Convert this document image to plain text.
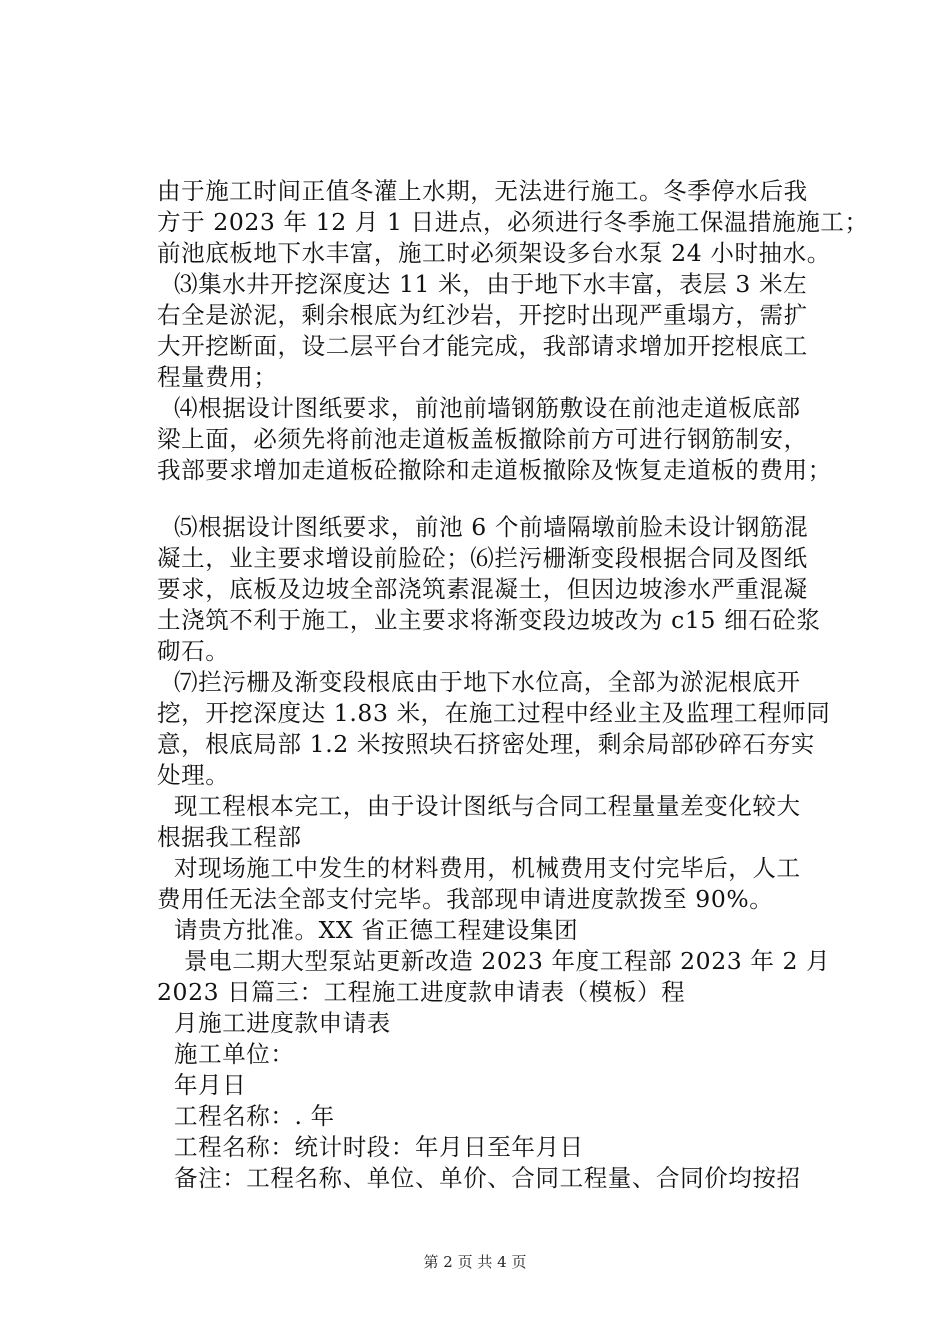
由于施工时间正值冬灌上水期，无法进行施工。冬季停水后我
方于 2023 年 12 月 1 日进点，必须进行冬季施工保温措施施工；
前池底板地下水丰富，施工时必须架设多台水泵 24 小时抽水。
⑶集水井开挖深度达 11 米，由于地下水丰富，表层 3 米左
右全是淤泥，剩余根底为红沙岩，开挖时出现严重塌方，需扩
大开挖断面，设二层平台才能完成，我部请求增加开挖根底工
程量费用；
⑷根据设计图纸要求，前池前墙钢筋敷设在前池走道板底部
梁上面，必须先将前池走道板盖板撤除前方可进行钢筋制安，
我部要求增加走道板砼撤除和走道板撤除及恢复走道板的费用；
⑸根据设计图纸要求，前池 6 个前墙隔墩前脸未设计钢筋混
凝土，业主要求增设前脸砼；⑹拦污栅渐变段根据合同及图纸
要求，底板及边坡全部浇筑素混凝土，但因边坡渗水严重混凝
土浇筑不利于施工，业主要求将渐变段边坡改为 c15 细石砼浆
砌石。
⑺拦污栅及渐变段根底由于地下水位高，全部为淤泥根底开
挖，开挖深度达 1.83 米，在施工过程中经业主及监理工程师同
意，根底局部 1.2 米按照块石挤密处理，剩余局部砂碎石夯实
处理。
现工程根本完工，由于设计图纸与合同工程量量差变化较大
根据我工程部
对现场施工中发生的材料费用，机械费用支付完毕后，人工
费用任无法全部支付完毕。我部现申请进度款拨至 90%。
请贵方批准。XX 省正德工程建设集团
景电二期大型泵站更新改造 2023 年度工程部 2023 年 2 月
2023 日篇三：工程施工进度款申请表（模板）程
月施工进度款申请表
施工单位：
年月日
工程名称：. 年
工程名称：统计时段：年月日至年月日
备注：工程名称、单位、单价、合同工程量、合同价均按招
第 2 页 共 4 页
